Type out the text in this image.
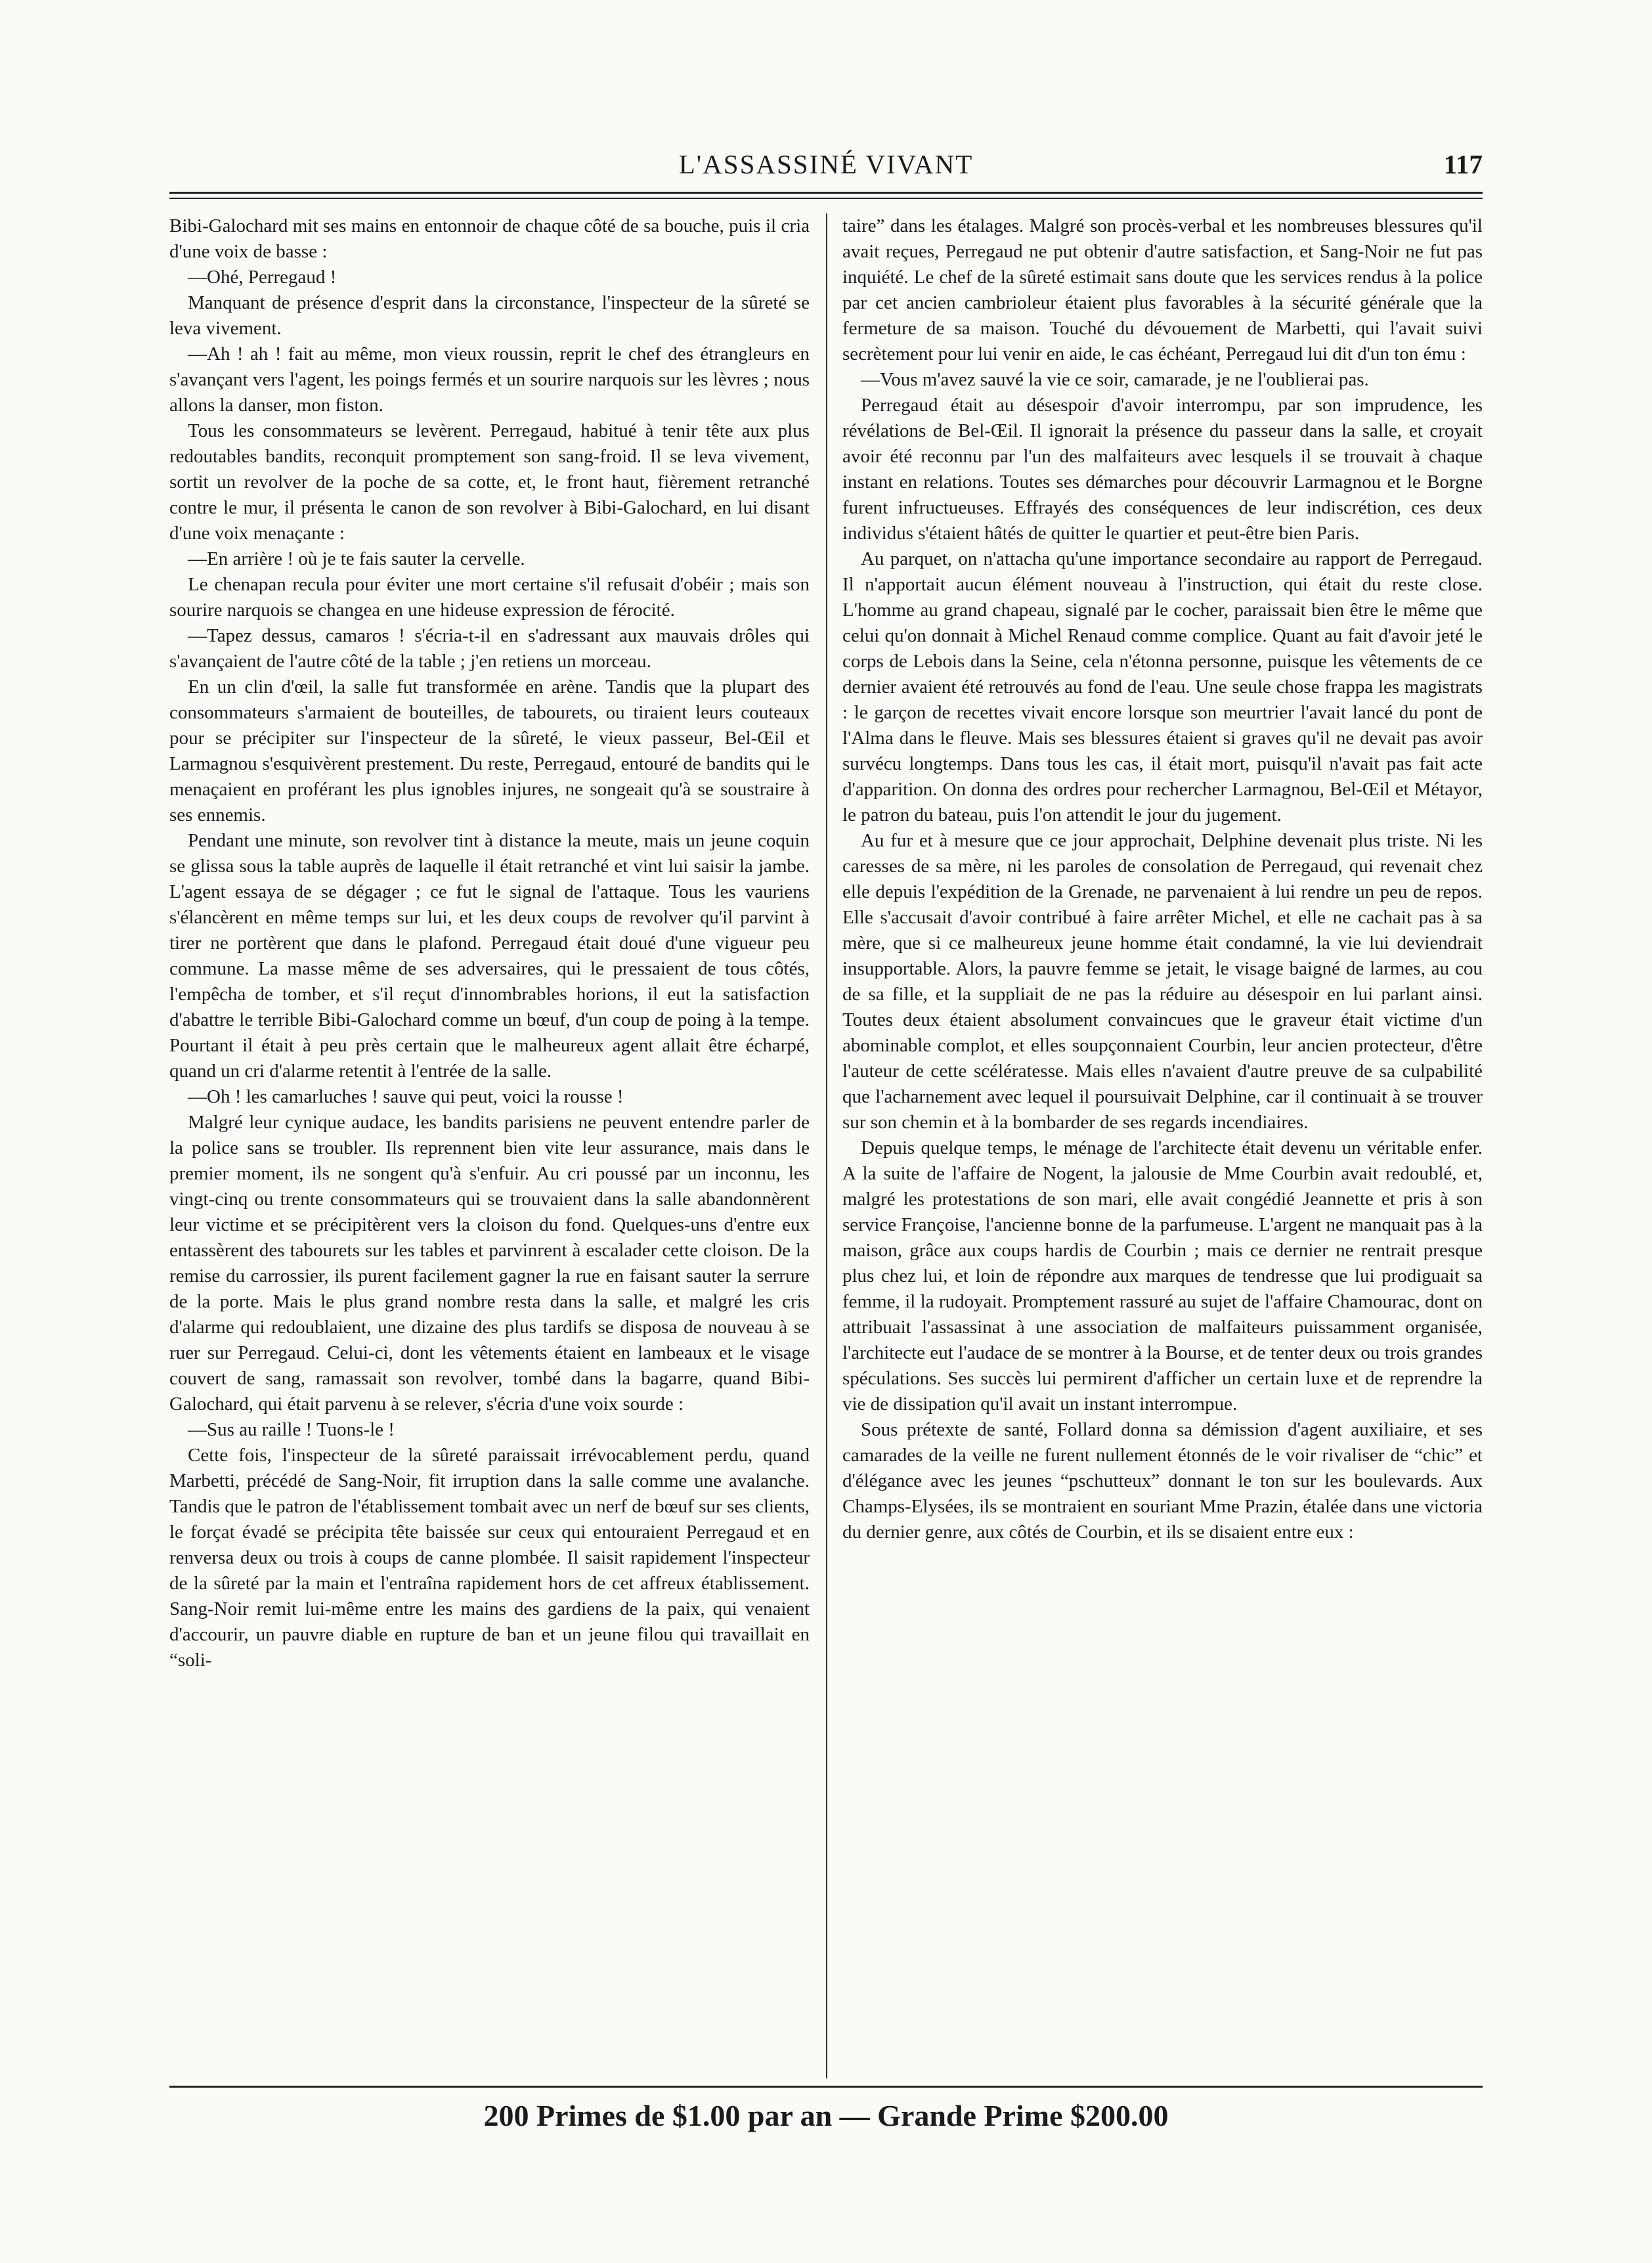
L'ASSASSINÉ VIVANT	117

Bibi-Galochard mit ses mains en entonnoir de chaque côté de sa bouche, puis il cria d'une voix de basse :

—Ohé, Perregaud !

Manquant de présence d'esprit dans la circonstance, l'inspecteur de la sûreté se leva vivement.

—Ah ! ah ! fait au même, mon vieux roussin, reprit le chef des étrangleurs en s'avançant vers l'agent, les poings fermés et un sourire narquois sur les lèvres ; nous allons la danser, mon fiston.

Tous les consommateurs se levèrent. Perregaud, habitué à tenir tête aux plus redoutables bandits, reconquit promptement son sang-froid. Il se leva vivement, sortit un revolver de la poche de sa cotte, et, le front haut, fièrement retranché contre le mur, il présenta le canon de son revolver à Bibi-Galochard, en lui disant d'une voix menaçante :

—En arrière ! où je te fais sauter la cervelle.

Le chenapan recula pour éviter une mort certaine s'il refusait d'obéir ; mais son sourire narquois se changea en une hideuse expression de férocité.

—Tapez dessus, camaros ! s'écria-t-il en s'adressant aux mauvais drôles qui s'avançaient de l'autre côté de la table ; j'en retiens un morceau.

En un clin d'œil, la salle fut transformée en arène. Tandis que la plupart des consommateurs s'armaient de bouteilles, de tabourets, ou tiraient leurs couteaux pour se précipiter sur l'inspecteur de la sûreté, le vieux passeur, Bel-Œil et Larmagnou s'esquivèrent prestement. Du reste, Perregaud, entouré de bandits qui le menaçaient en proférant les plus ignobles injures, ne songeait qu'à se soustraire à ses ennemis.

Pendant une minute, son revolver tint à distance la meute, mais un jeune coquin se glissa sous la table auprès de laquelle il était retranché et vint lui saisir la jambe. L'agent essaya de se dégager ; ce fut le signal de l'attaque. Tous les vauriens s'élancèrent en même temps sur lui, et les deux coups de revolver qu'il parvint à tirer ne portèrent que dans le plafond. Perregaud était doué d'une vigueur peu commune. La masse même de ses adversaires, qui le pressaient de tous côtés, l'empêcha de tomber, et s'il reçut d'innombrables horions, il eut la satisfaction d'abattre le terrible Bibi-Galochard comme un bœuf, d'un coup de poing à la tempe. Pourtant il était à peu près certain que le malheureux agent allait être écharpé, quand un cri d'alarme retentit à l'entrée de la salle.

—Oh ! les camarluches ! sauve qui peut, voici la rousse !

Malgré leur cynique audace, les bandits parisiens ne peuvent entendre parler de la police sans se troubler. Ils reprennent bien vite leur assurance, mais dans le premier moment, ils ne songent qu'à s'enfuir. Au cri poussé par un inconnu, les vingt-cinq ou trente consommateurs qui se trouvaient dans la salle abandonnèrent leur victime et se précipitèrent vers la cloison du fond. Quelques-uns d'entre eux entassèrent des tabourets sur les tables et parvinrent à escalader cette cloison. De la remise du carrossier, ils purent facilement gagner la rue en faisant sauter la serrure de la porte. Mais le plus grand nombre resta dans la salle, et malgré les cris d'alarme qui redoublaient, une dizaine des plus tardifs se disposa de nouveau à se ruer sur Perregaud. Celui-ci, dont les vêtements étaient en lambeaux et le visage couvert de sang, ramassait son revolver, tombé dans la bagarre, quand Bibi-Galochard, qui était parvenu à se relever, s'écria d'une voix sourde :

—Sus au raille ! Tuons-le !

Cette fois, l'inspecteur de la sûreté paraissait irrévocablement perdu, quand Marbetti, précédé de Sang-Noir, fit irruption dans la salle comme une avalanche. Tandis que le patron de l'établissement tombait avec un nerf de bœuf sur ses clients, le forçat évadé se précipita tête baissée sur ceux qui entouraient Perregaud et en renversa deux ou trois à coups de canne plombée. Il saisit rapidement l'inspecteur de la sûreté par la main et l'entraîna rapidement hors de cet affreux établissement. Sang-Noir remit lui-même entre les mains des gardiens de la paix, qui venaient d'accourir, un pauvre diable en rupture de ban et un jeune filou qui travaillait en “soli-

taire” dans les étalages. Malgré son procès-verbal et les nombreuses blessures qu'il avait reçues, Perregaud ne put obtenir d'autre satisfaction, et Sang-Noir ne fut pas inquiété. Le chef de la sûreté estimait sans doute que les services rendus à la police par cet ancien cambrioleur étaient plus favorables à la sécurité générale que la fermeture de sa maison. Touché du dévouement de Marbetti, qui l'avait suivi secrètement pour lui venir en aide, le cas échéant, Perregaud lui dit d'un ton ému :

—Vous m'avez sauvé la vie ce soir, camarade, je ne l'oublierai pas.

Perregaud était au désespoir d'avoir interrompu, par son imprudence, les révélations de Bel-Œil. Il ignorait la présence du passeur dans la salle, et croyait avoir été reconnu par l'un des malfaiteurs avec lesquels il se trouvait à chaque instant en relations. Toutes ses démarches pour découvrir Larmagnou et le Borgne furent infructueuses. Effrayés des conséquences de leur indiscrétion, ces deux individus s'étaient hâtés de quitter le quartier et peut-être bien Paris.

Au parquet, on n'attacha qu'une importance secondaire au rapport de Perregaud. Il n'apportait aucun élément nouveau à l'instruction, qui était du reste close. L'homme au grand chapeau, signalé par le cocher, paraissait bien être le même que celui qu'on donnait à Michel Renaud comme complice. Quant au fait d'avoir jeté le corps de Lebois dans la Seine, cela n'étonna personne, puisque les vêtements de ce dernier avaient été retrouvés au fond de l'eau. Une seule chose frappa les magistrats : le garçon de recettes vivait encore lorsque son meurtrier l'avait lancé du pont de l'Alma dans le fleuve. Mais ses blessures étaient si graves qu'il ne devait pas avoir survécu longtemps. Dans tous les cas, il était mort, puisqu'il n'avait pas fait acte d'apparition. On donna des ordres pour rechercher Larmagnou, Bel-Œil et Métayor, le patron du bateau, puis l'on attendit le jour du jugement.

Au fur et à mesure que ce jour approchait, Delphine devenait plus triste. Ni les caresses de sa mère, ni les paroles de consolation de Perregaud, qui revenait chez elle depuis l'expédition de la Grenade, ne parvenaient à lui rendre un peu de repos. Elle s'accusait d'avoir contribué à faire arrêter Michel, et elle ne cachait pas à sa mère, que si ce malheureux jeune homme était condamné, la vie lui deviendrait insupportable. Alors, la pauvre femme se jetait, le visage baigné de larmes, au cou de sa fille, et la suppliait de ne pas la réduire au désespoir en lui parlant ainsi. Toutes deux étaient absolument convaincues que le graveur était victime d'un abominable complot, et elles soupçonnaient Courbin, leur ancien protecteur, d'être l'auteur de cette scélératesse. Mais elles n'avaient d'autre preuve de sa culpabilité que l'acharnement avec lequel il poursuivait Delphine, car il continuait à se trouver sur son chemin et à la bombarder de ses regards incendiaires.

Depuis quelque temps, le ménage de l'architecte était devenu un véritable enfer. A la suite de l'affaire de Nogent, la jalousie de Mme Courbin avait redoublé, et, malgré les protestations de son mari, elle avait congédié Jeannette et pris à son service Françoise, l'ancienne bonne de la parfumeuse. L'argent ne manquait pas à la maison, grâce aux coups hardis de Courbin ; mais ce dernier ne rentrait presque plus chez lui, et loin de répondre aux marques de tendresse que lui prodiguait sa femme, il la rudoyait. Promptement rassuré au sujet de l'affaire Chamourac, dont on attribuait l'assassinat à une association de malfaiteurs puissamment organisée, l'architecte eut l'audace de se montrer à la Bourse, et de tenter deux ou trois grandes spéculations. Ses succès lui permirent d'afficher un certain luxe et de reprendre la vie de dissipation qu'il avait un instant interrompue.

Sous prétexte de santé, Follard donna sa démission d'agent auxiliaire, et ses camarades de la veille ne furent nullement étonnés de le voir rivaliser de “chic” et d'élégance avec les jeunes “pschutteux” donnant le ton sur les boulevards. Aux Champs-Elysées, ils se montraient en souriant Mme Prazin, étalée dans une victoria du dernier genre, aux côtés de Courbin, et ils se disaient entre eux :

200 Primes de $1.00 par an — Grande Prime $200.00
